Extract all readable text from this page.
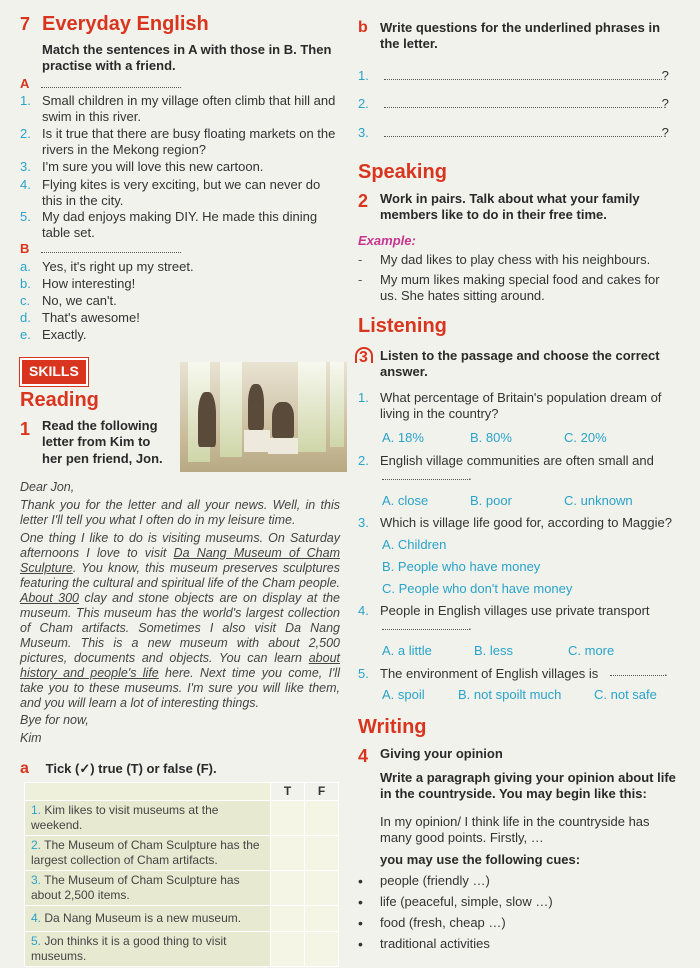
7 Everyday English
Match the sentences in A with those in B. Then practise with a friend.
A
1. Small children in my village often climb that hill and swim in this river.
2. Is it true that there are busy floating markets on the rivers in the Mekong region?
3. I'm sure you will love this new cartoon.
4. Flying kites is very exciting, but we can never do this in the city.
5. My dad enjoys making DIY. He made this dining table set.
B
a. Yes, it's right up my street.
b. How interesting!
c. No, we can't.
d. That's awesome!
e. Exactly.
SKILLS
Reading
1 Read the following letter from Kim to her pen friend, Jon.

Dear Jon,

Thank you for the letter and all your news. Well, in this letter I'll tell you what I often do in my leisure time.

One thing I like to do is visiting museums. On Saturday afternoons I love to visit Da Nang Museum of Cham Sculpture. You know, this museum preserves sculptures featuring the cultural and spiritual life of the Cham people. About 300 clay and stone objects are on display at the museum. This museum has the world's largest collection of Cham artifacts. Sometimes I also visit Da Nang Museum. This is a new museum with about 2,500 pictures, documents and objects. You can learn about history and people's life here. Next time you come, I'll take you to these museums. I'm sure you will like them, and you will learn a lot of interesting things.

Bye for now,

Kim

a Tick (✓) true (T) or false (F).
	T	F
1. Kim likes to visit museums at the weekend.		
2. The Museum of Cham Sculpture has the largest collection of Cham artifacts.		
3. The Museum of Cham Sculpture has about 2,500 items.		
4. Da Nang Museum is a new museum.		
5. Jon thinks it is a good thing to visit museums.		
b Write questions for the underlined phrases in the letter.
1.	?
2.	?
3.	?
Speaking
2 Work in pairs. Talk about what your family members like to do in their free time.
Example:
- My dad likes to play chess with his neighbours.
- My mum likes making special food and cakes for us. She hates sitting around.
Listening
3 Listen to the passage and choose the correct answer.
1. What percentage of Britain's population dream of living in the country?
A. 18%	B. 80%	C. 20%
2. English village communities are often small and
.
A. close	B. poor	C. unknown
3. Which is village life good for, according to Maggie?
A. Children
B. People who have money
C. People who don't have money
4. People in English villages use private transport
.
A. a little	B. less	C. more
5. The environment of English villages is	.
A. spoil	B. not spoilt much	C. not safe
Writing
4 Giving your opinion
Write a paragraph giving your opinion about life in the countryside. You may begin like this:
In my opinion/ I think life in the countryside has many good points. Firstly, …
you may use the following cues:
• people (friendly …)
• life (peaceful, simple, slow …)
• food (fresh, cheap …)
• traditional activities
